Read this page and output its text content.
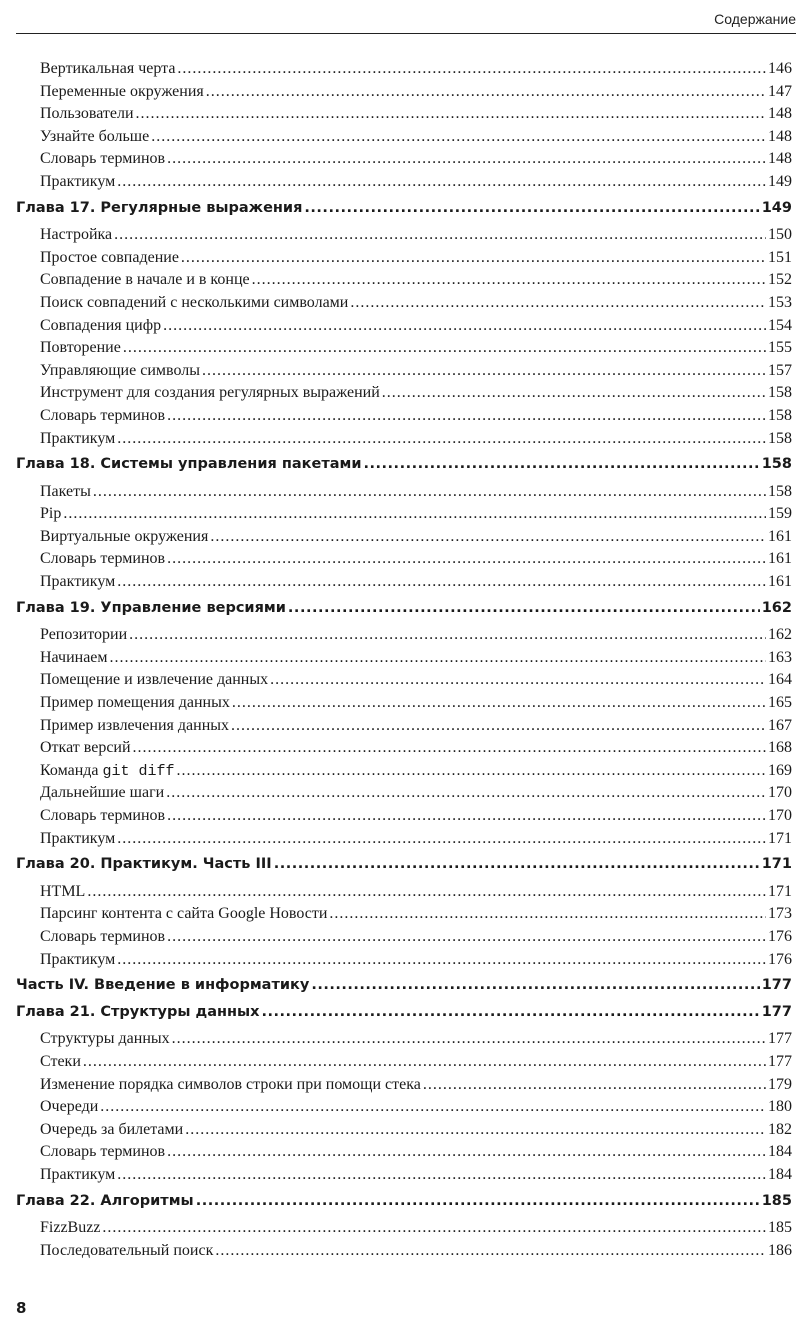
Содержание
Вертикальная черта .....	146
Переменные окружения .....	147
Пользователи .....	148
Узнайте больше .....	148
Словарь терминов .....	148
Практикум .....	149
Глава 17. Регулярные выражения .....	149
Настройка .....	150
Простое совпадение .....	151
Совпадение в начале и в конце .....	152
Поиск совпадений с несколькими символами .....	153
Совпадения цифр .....	154
Повторение .....	155
Управляющие символы .....	157
Инструмент для создания регулярных выражений .....	158
Словарь терминов .....	158
Практикум .....	158
Глава 18. Системы управления пакетами .....	158
Пакеты .....	158
Pip .....	159
Виртуальные окружения .....	161
Словарь терминов .....	161
Практикум .....	161
Глава 19. Управление версиями .....	162
Репозитории .....	162
Начинаем .....	163
Помещение и извлечение данных .....	164
Пример помещения данных .....	165
Пример извлечения данных .....	167
Откат версий .....	168
Команда git diff .....	169
Дальнейшие шаги .....	170
Словарь терминов .....	170
Практикум .....	171
Глава 20. Практикум. Часть III .....	171
HTML .....	171
Парсинг контента с сайта Google Новости .....	173
Словарь терминов .....	176
Практикум .....	176
Часть IV. Введение в информатику .....	177
Глава 21. Структуры данных .....	177
Структуры данных .....	177
Стеки .....	177
Изменение порядка символов строки при помощи стека .....	179
Очереди .....	180
Очередь за билетами .....	182
Словарь терминов .....	184
Практикум .....	184
Глава 22. Алгоритмы .....	185
FizzBuzz .....	185
Последовательный поиск .....	186
8
